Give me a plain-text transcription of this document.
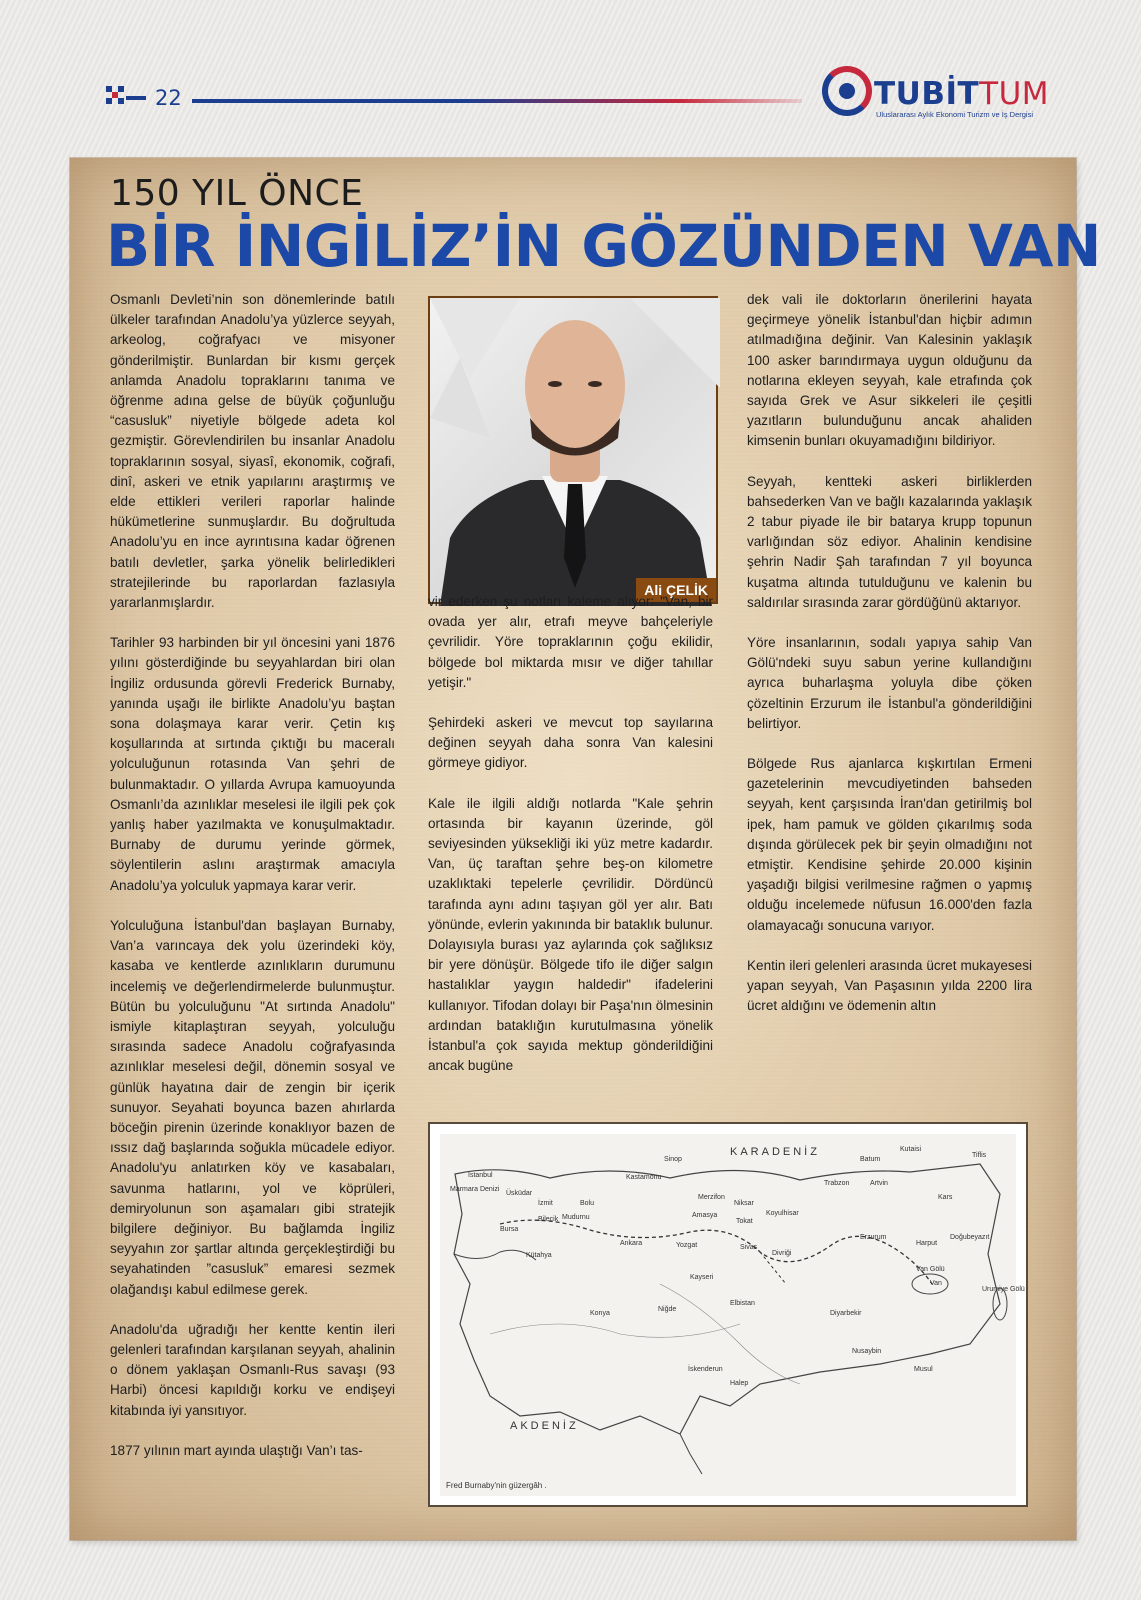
22	TUBİTTUM
Uluslararası Aylık Ekonomi Turizm ve İş Dergisi
150 YIL ÖNCE
BİR İNGİLİZ’İN GÖZÜNDEN VAN

Osmanlı Devleti’nin son dönemlerinde batılı ülkeler tarafından Anadolu’ya yüzlerce seyyah, arkeolog, coğrafyacı ve misyoner gönderilmiştir. Bunlardan bir kısmı gerçek anlamda Anadolu topraklarını tanıma ve öğrenme adına gelse de büyük çoğunluğu “casusluk” niyetiyle bölgede adeta kol gezmiştir. Görevlendirilen bu insanlar Anadolu topraklarının sosyal, siyasî, ekonomik, coğrafi, dinî, askeri ve etnik yapılarını araştırmış ve elde ettikleri verileri raporlar halinde hükümetlerine sunmuşlardır. Bu doğrultuda Anadolu’yu en ince ayrıntısına kadar öğrenen batılı devletler, şarka yönelik belirledikleri stratejilerinde bu raporlardan fazlasıyla yararlanmışlardır.

Tarihler 93 harbinden bir yıl öncesini yani 1876 yılını gösterdiğinde bu seyyahlardan biri olan İngiliz ordusunda görevli Frederick Burnaby, yanında uşağı ile birlikte Anadolu’yu baştan sona dolaşmaya karar verir. Çetin kış koşullarında at sırtında çıktığı bu maceralı yolculuğunun rotasında Van şehri de bulunmaktadır. O yıllarda Avrupa kamuoyunda Osmanlı’da azınlıklar meselesi ile ilgili pek çok yanlış haber yazılmakta ve konuşulmaktadır. Burnaby de durumu yerinde görmek, söylentilerin aslını araştırmak amacıyla Anadolu’ya yolculuk yapmaya karar verir.

Yolculuğuna İstanbul'dan başlayan Burnaby, Van’a varıncaya dek yolu üzerindeki köy, kasaba ve kentlerde azınlıkların durumunu incelemiş ve değerlendirmelerde bulunmuştur. Bütün bu yolculuğunu "At sırtında Anadolu" ismiyle kitaplaştıran seyyah, yolculuğu sırasında sadece Anadolu coğrafyasında azınlıklar meselesi değil, dönemin sosyal ve günlük hayatına dair de zengin bir içerik sunuyor. Seyahati boyunca bazen ahırlarda böceğin pirenin üzerinde konaklıyor bazen de ıssız dağ başlarında soğukla mücadele ediyor. Anadolu'yu anlatırken köy ve kasabaları, savunma hatlarını, yol ve köprüleri, demiryolunun son aşamaları gibi stratejik bilgilere değiniyor. Bu bağlamda İngiliz seyyahın zor şartlar altında gerçekleştirdiği bu seyahatinden ”casusluk” emaresi sezmek olağandışı kabul edilmese gerek.

Anadolu'da uğradığı her kentte kentin ileri gelenleri tarafından karşılanan seyyah, ahalinin o dönem yaklaşan Osmanlı-Rus savaşı (93 Harbi) öncesi kapıldığı korku ve endişeyi kitabında iyi yansıtıyor.

1877 yılının mart ayında ulaştığı Van’ı tas-

Ali ÇELİK

vir ederken şu notları kaleme alıyor: "Van, bir ovada yer alır, etrafı meyve bahçeleriyle çevrilidir. Yöre topraklarının çoğu ekilidir, bölgede bol miktarda mısır ve diğer tahıllar yetişir."

Şehirdeki askeri ve mevcut top sayılarına değinen seyyah daha sonra Van kalesini görmeye gidiyor.

Kale ile ilgili aldığı notlarda "Kale şehrin ortasında bir kayanın üzerinde, göl seviyesinden yüksekliği iki yüz metre kadardır. Van, üç taraftan şehre beş-on kilometre uzaklıktaki tepelerle çevrilidir. Dördüncü tarafında aynı adını taşıyan göl yer alır. Batı yönünde, evlerin yakınında bir bataklık bulunur. Dolayısıyla burası yaz aylarında çok sağlıksız bir yere dönüşür. Bölgede tifo ile diğer salgın hastalıklar yaygın haldedir" ifadelerini kullanıyor. Tifodan dolayı bir Paşa'nın ölmesinin ardından bataklığın kurutulmasına yönelik İstanbul'a çok sayıda mektup gönderildiğini ancak bugüne

dek vali ile doktorların önerilerini hayata geçirmeye yönelik İstanbul'dan hiçbir adımın atılmadığına değinir. Van Kalesinin yaklaşık 100 asker barındırmaya uygun olduğunu da notlarına ekleyen seyyah, kale etrafında çok sayıda Grek ve Asur sikkeleri ile çeşitli yazıtların bulunduğunu ancak ahaliden kimsenin bunları okuyamadığını bildiriyor.

Seyyah, kentteki askeri birliklerden bahsederken Van ve bağlı kazalarında yaklaşık 2 tabur piyade ile bir batarya krupp topunun varlığından söz ediyor. Ahalinin kendisine şehrin Nadir Şah tarafından 7 yıl boyunca kuşatma altında tutulduğunu ve kalenin bu saldırılar sırasında zarar gördüğünü aktarıyor.

Yöre insanlarının, sodalı yapıya sahip Van Gölü'ndeki suyu sabun yerine kullandığını ayrıca buharlaşma yoluyla dibe çöken çözeltinin Erzurum ile İstanbul'a gönderildiğini belirtiyor.

Bölgede Rus ajanlarca kışkırtılan Ermeni gazetelerinin mevcudiyetinden bahseden seyyah, kent çarşısında İran'dan getirilmiş bol ipek, ham pamuk ve gölden çıkarılmış soda dışında görülecek pek bir şeyin olmadığını not etmiştir. Kendisine şehirde 20.000 kişinin yaşadığı bilgisi verilmesine rağmen o yapmış olduğu incelemede nüfusun 16.000'den fazla olamayacağı sonucuna varıyor.

Kentin ileri gelenleri arasında ücret mukayesesi yapan seyyah, Van Paşasının yılda 2200 lira ücret aldığını ve ödemenin altın

KARADENİZ
AKDENİZ
Sinop	Batum
Kutaisi
Tiflis
Istanbul
Üsküdar
İzmit	Bolu
Kastamonu
Trabzon	Artvin
Kars
Bursa
Bilecik Mudurnu
Merzifon
Amasya
Tokat
Niksar
Koyulhisar
Erzurum	Doğubeyazıt
Kütahya
Ankara	Yozgat	Sivas
Divriği
Harput
Van
Kayseri
Konya
Niğde
Elbistan
Diyarbekir
Nusaybin
Musul
Halep
İskenderun
Marmara Denizi
Urumiye Gölü
Van Gölü
Fred Burnaby'nin güzergâh .
